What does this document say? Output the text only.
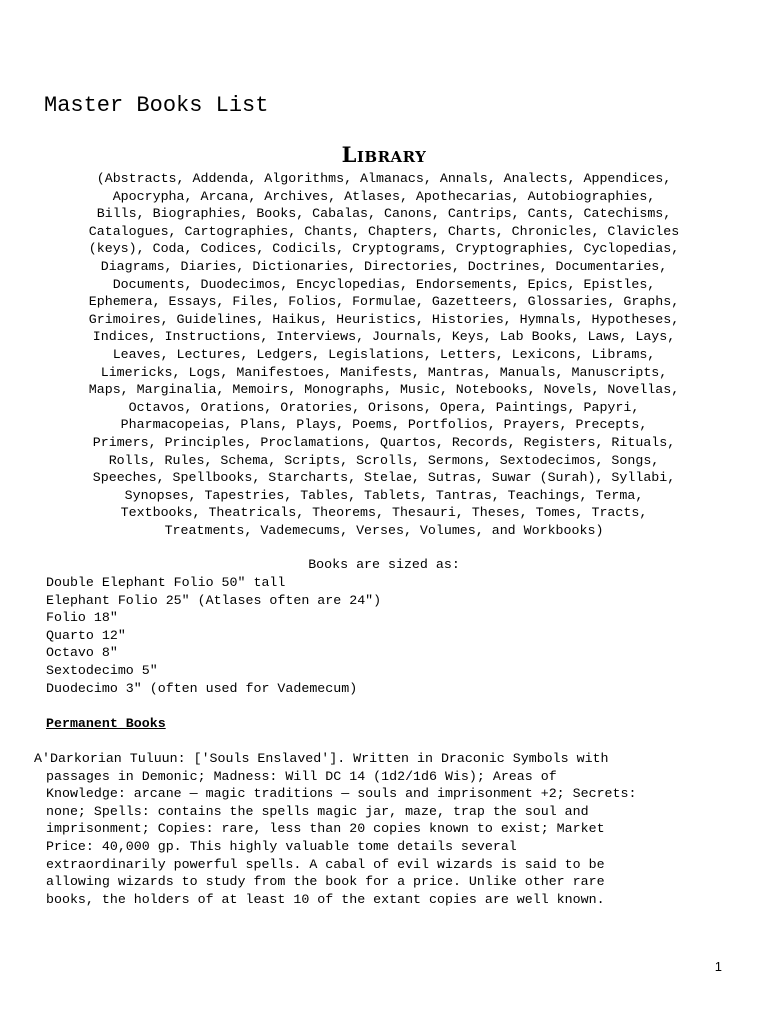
Master Books List
Library

(Abstracts, Addenda, Algorithms, Almanacs, Annals, Analects, Appendices,
Apocrypha, Arcana, Archives, Atlases, Apothecarias, Autobiographies,
Bills, Biographies, Books, Cabalas, Canons, Cantrips, Cants, Catechisms,
Catalogues, Cartographies, Chants, Chapters, Charts, Chronicles, Clavicles
(keys), Coda, Codices, Codicils, Cryptograms, Cryptographies, Cyclopedias,
Diagrams, Diaries, Dictionaries, Directories, Doctrines, Documentaries,
Documents, Duodecimos, Encyclopedias, Endorsements, Epics, Epistles,
Ephemera, Essays, Files, Folios, Formulae, Gazetteers, Glossaries, Graphs,
Grimoires, Guidelines, Haikus, Heuristics, Histories, Hymnals, Hypotheses,
Indices, Instructions, Interviews, Journals, Keys, Lab Books, Laws, Lays,
Leaves, Lectures, Ledgers, Legislations, Letters, Lexicons, Librams,
Limericks, Logs, Manifestoes, Manifests, Mantras, Manuals, Manuscripts,
Maps, Marginalia, Memoirs, Monographs, Music, Notebooks, Novels, Novellas,
Octavos, Orations, Oratories, Orisons, Opera, Paintings, Papyri,
Pharmacopeias, Plans, Plays, Poems, Portfolios, Prayers, Precepts,
Primers, Principles, Proclamations, Quartos, Records, Registers, Rituals,
Rolls, Rules, Schema, Scripts, Scrolls, Sermons, Sextodecimos, Songs,
Speeches, Spellbooks, Starcharts, Stelae, Sutras, Suwar (Surah), Syllabi,
Synopses, Tapestries, Tables, Tablets, Tantras, Teachings, Terma,
Textbooks, Theatricals, Theorems, Thesauri, Theses, Tomes, Tracts,
Treatments, Vademecums, Verses, Volumes, and Workbooks)

Books are sized as:

Double Elephant Folio 50" tall
Elephant Folio 25" (Atlases often are 24")
Folio 18"
Quarto 12"
Octavo 8"
Sextodecimo 5"
Duodecimo 3" (often used for Vademecum)
Permanent Books

A'Darkorian Tuluun: ['Souls Enslaved']. Written in Draconic Symbols with
passages in Demonic; Madness: Will DC 14 (1d2/1d6 Wis); Areas of
Knowledge: arcane — magic traditions — souls and imprisonment +2; Secrets:
none; Spells: contains the spells magic jar, maze, trap the soul and
imprisonment; Copies: rare, less than 20 copies known to exist; Market
Price: 40,000 gp. This highly valuable tome details several
extraordinarily powerful spells. A cabal of evil wizards is said to be
allowing wizards to study from the book for a price. Unlike other rare
books, the holders of at least 10 of the extant copies are well known.

1
